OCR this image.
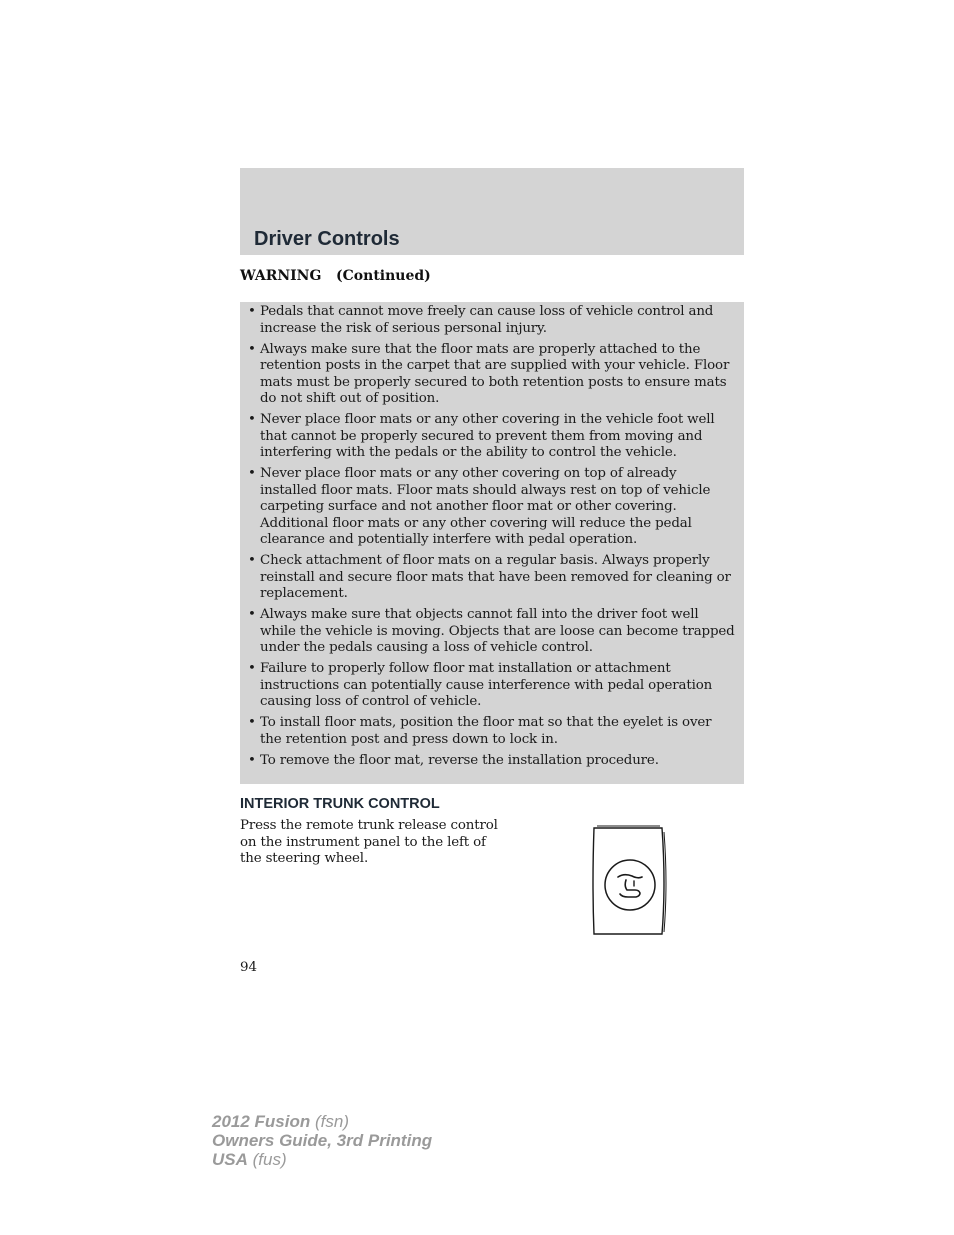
Driver Controls
WARNING   (Continued)
• Pedals that cannot move freely can cause loss of vehicle control and increase the risk of serious personal injury.
• Always make sure that the floor mats are properly attached to the retention posts in the carpet that are supplied with your vehicle. Floor mats must be properly secured to both retention posts to ensure mats do not shift out of position.
• Never place floor mats or any other covering in the vehicle foot well that cannot be properly secured to prevent them from moving and interfering with the pedals or the ability to control the vehicle.
• Never place floor mats or any other covering on top of already installed floor mats. Floor mats should always rest on top of vehicle carpeting surface and not another floor mat or other covering. Additional floor mats or any other covering will reduce the pedal clearance and potentially interfere with pedal operation.
• Check attachment of floor mats on a regular basis. Always properly reinstall and secure floor mats that have been removed for cleaning or replacement.
• Always make sure that objects cannot fall into the driver foot well while the vehicle is moving. Objects that are loose can become trapped under the pedals causing a loss of vehicle control.
• Failure to properly follow floor mat installation or attachment instructions can potentially cause interference with pedal operation causing loss of control of vehicle.
• To install floor mats, position the floor mat so that the eyelet is over the retention post and press down to lock in.
• To remove the floor mat, reverse the installation procedure.
INTERIOR TRUNK CONTROL

Press the remote trunk release control on the instrument panel to the left of the steering wheel.

94
2012 Fusion (fsn)
Owners Guide, 3rd Printing
USA (fus)
